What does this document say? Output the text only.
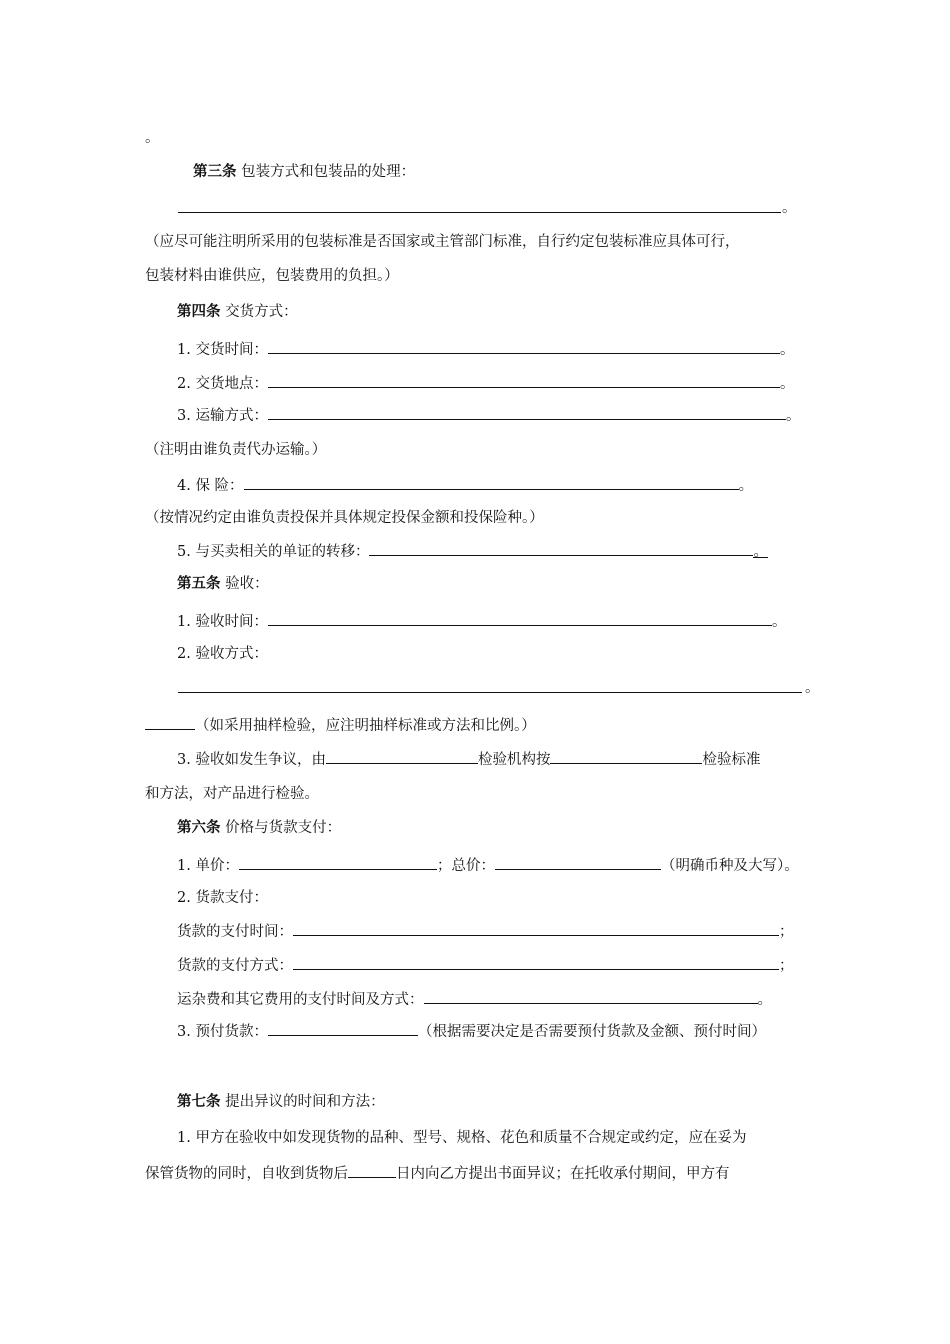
。
第三条 包装方式和包装品的处理：
。
（应尽可能注明所采用的包装标准是否国家或主管部门标准，自行约定包装标准应具体可行，
包装材料由谁供应，包装费用的负担。）
第四条 交货方式：
1. 交货时间：	。
2. 交货地点：	。
3. 运输方式：	。
（注明由谁负责代办运输。）
4. 保 险：	。
（按情况约定由谁负责投保并具体规定投保金额和投保险种。）
5. 与买卖相关的单证的转移：	。
第五条 验收：
1. 验收时间：	。
2. 验收方式：
。
（如采用抽样检验，应注明抽样标准或方法和比例。）
3. 验收如发生争议，由	检验机构按	检验标准
和方法，对产品进行检验。
第六条 价格与货款支付：
1. 单价：	；总价：	（明确币种及大写）。
2. 货款支付：
货款的支付时间：	；
货款的支付方式：	；
运杂费和其它费用的支付时间及方式：	。
3. 预付货款：	（根据需要决定是否需要预付货款及金额、预付时间）
第七条 提出异议的时间和方法：
1. 甲方在验收中如发现货物的品种、型号、规格、花色和质量不合规定或约定，应在妥为
保管货物的同时，自收到货物后	日内向乙方提出书面异议；在托收承付期间，甲方有
